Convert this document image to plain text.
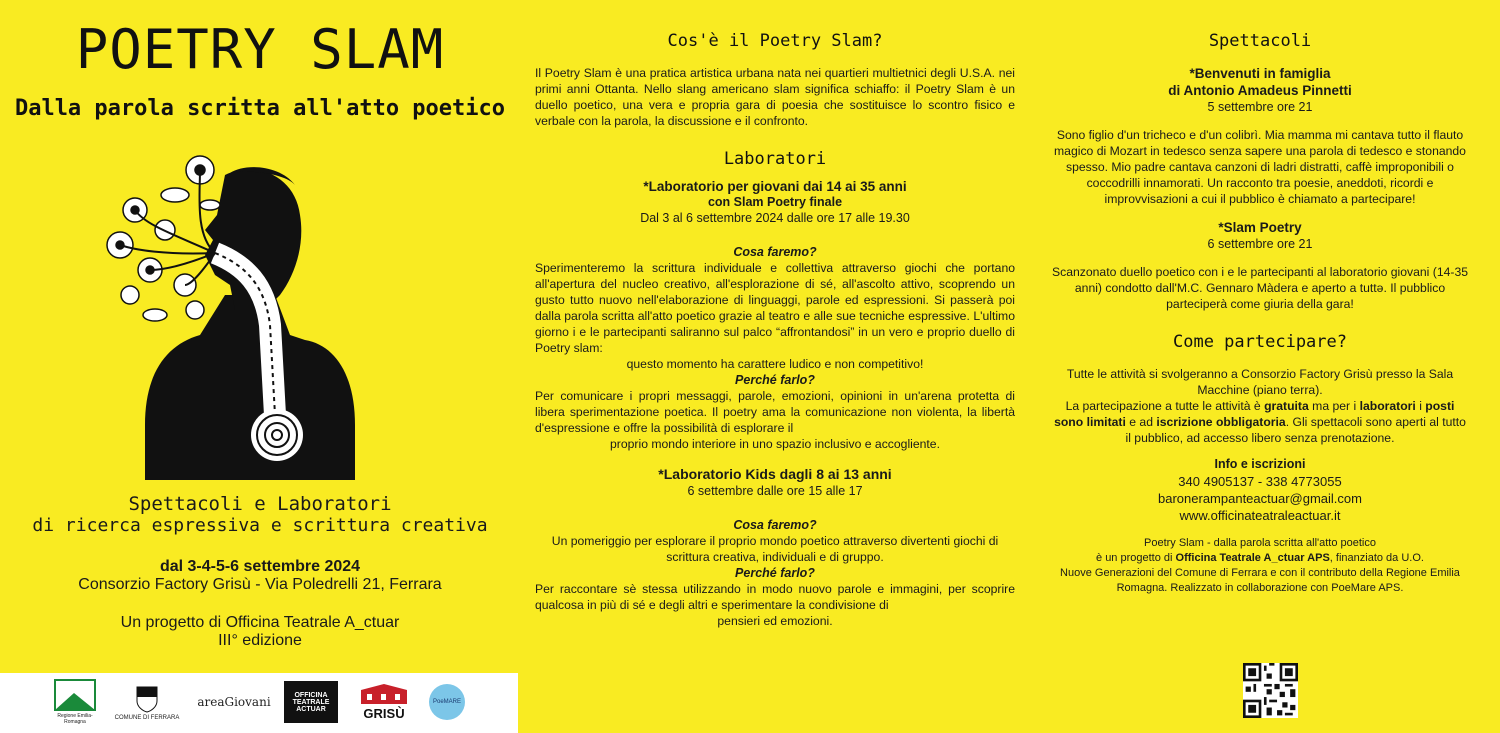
POETRY SLAM
Dalla parola scritta all'atto poetico
Spettacoli e Laboratori
di ricerca espressiva e scrittura creativa
dal 3-4-5-6 settembre 2024
Consorzio Factory Grisù - Via Poledrelli 21, Ferrara
Un progetto di Officina Teatrale A_ctuar
III° edizione
Regione Emilia-Romagna
COMUNE DI FERRARA
areaGiovani	OFFICINA TEATRALE ACTUAR	GRISÙ
PoeMARE
Cos'è il Poetry Slam?

Il Poetry Slam è una pratica artistica urbana nata nei quartieri multietnici degli U.S.A. nei primi anni Ottanta. Nello slang americano slam significa schiaffo: il Poetry Slam è un duello poetico, una vera e propria gara di poesia che sostituisce lo scontro fisico e verbale con la parola, la discussione e il confronto.

Laboratori
*Laboratorio per giovani dai 14 ai 35 anni
con Slam Poetry finale
Dal 3 al 6 settembre 2024 dalle ore 17 alle 19.30
Cosa faremo?

Sperimenteremo la scrittura individuale e collettiva attraverso giochi che portano all'apertura del nucleo creativo, all'esplorazione di sé, all'ascolto attivo, scoprendo un gusto tutto nuovo nell'elaborazione di linguaggi, parole ed espressioni. Si passerà poi dalla parola scritta all'atto poetico grazie al teatro e alle sue tecniche espressive. L'ultimo giorno i e le partecipanti saliranno sul palco “affrontandosi” in un vero e proprio duello di Poetry slam:

questo momento ha carattere ludico e non competitivo!

Perché farlo?

Per comunicare i propri messaggi, parole, emozioni, opinioni in un'arena protetta di libera sperimentazione poetica. Il poetry ama la comunicazione non violenta, la libertà d'espressione e offre la possibilità di esplorare il

proprio mondo interiore in uno spazio inclusivo e accogliente.

*Laboratorio Kids dagli 8 ai 13 anni
6 settembre dalle ore 15 alle 17
Cosa faremo?

Un pomeriggio per esplorare il proprio mondo poetico attraverso divertenti giochi di scrittura creativa, individuali e di gruppo.

Perché farlo?

Per raccontare sè stessa utilizzando in modo nuovo parole e immagini, per scoprire qualcosa in più di sé e degli altri e sperimentare la condivisione di

pensieri ed emozioni.

Spettacoli
*Benvenuti in famiglia
di Antonio Amadeus Pinnetti
5 settembre ore 21

Sono figlio d'un tricheco e d'un colibrì. Mia mamma mi cantava tutto il flauto magico di Mozart in tedesco senza sapere una parola di tedesco e stonando spesso. Mio padre cantava canzoni di ladri distratti, caffè improponibili o coccodrilli innamorati. Un racconto tra poesie, aneddoti, ricordi e improvvisazioni a cui il pubblico è chiamato a partecipare!

*Slam Poetry
6 settembre ore 21

Scanzonato duello poetico con i e le partecipanti al laboratorio giovani (14-35 anni) condotto dall'M.C. Gennaro Màdera e aperto a tuttə. Il pubblico parteciperà come giuria della gara!

Come partecipare?

Tutte le attività si svolgeranno a Consorzio Factory Grisù presso la Sala Macchine (piano terra).

La partecipazione a tutte le attività è gratuita ma per i laboratori i posti sono limitati e ad iscrizione obbligatoria. Gli spettacoli sono aperti al tutto il pubblico, ad accesso libero senza prenotazione.

Info e iscrizioni
340 4905137 - 338 4773055
baronerampanteactuar@gmail.com
www.officinateatraleactuar.it

Poetry Slam - dalla parola scritta all'atto poetico

è un progetto di Officina Teatrale A_ctuar APS, finanziato da U.O.

Nuove Generazioni del Comune di Ferrara e con il contributo della Regione Emilia Romagna. Realizzato in collaborazione con PoeMare APS.
